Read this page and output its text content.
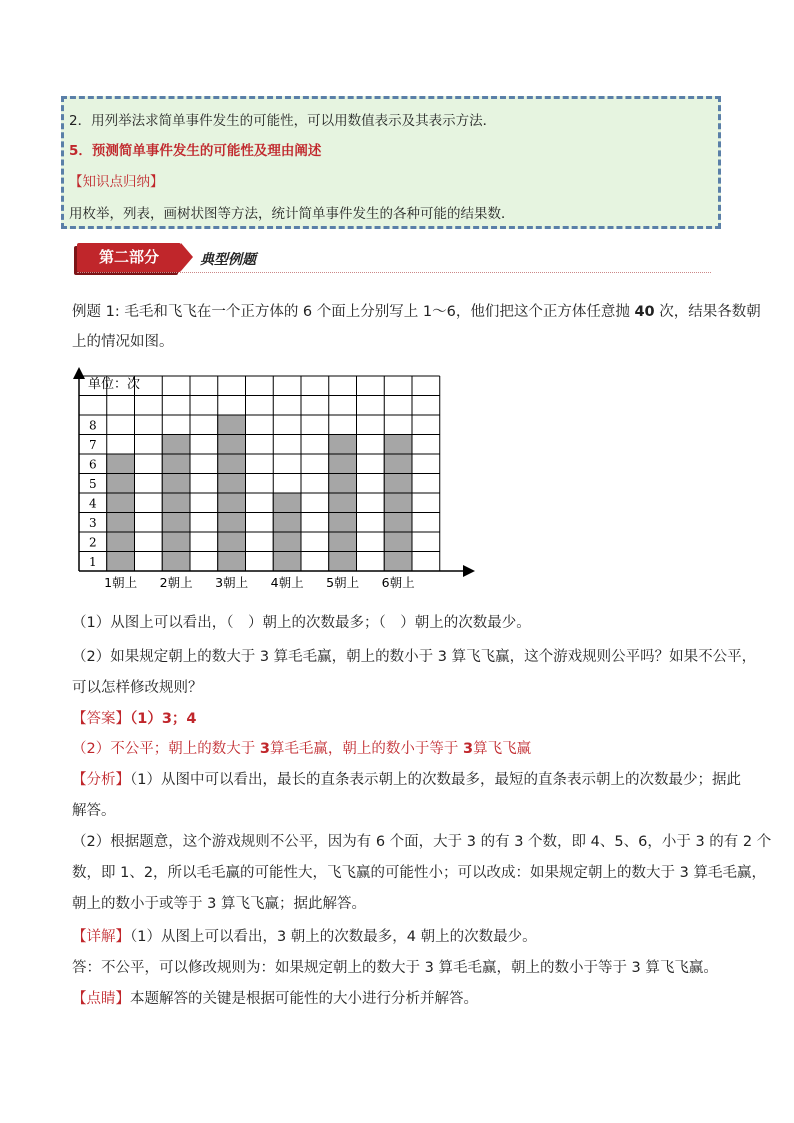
2．用列举法求简单事件发生的可能性，可以用数值表示及其表示方法．
5．预测简单事件发生的可能性及理由阐述
【知识点归纳】
用枚举，列表，画树状图等方法，统计简单事件发生的各种可能的结果数．
第二部分	典型例题
例题 1: 毛毛和飞飞在一个正方体的 6 个面上分别写上 1～6，他们把这个正方体任意抛 40 次，结果各数朝
上的情况如图。
单位：次
1
2
3
4
5
6
7
8
1朝上 2朝上 3朝上 4朝上 5朝上 6朝上
（1）从图上可以看出，（　）朝上的次数最多；（　）朝上的次数最少。
（2）如果规定朝上的数大于 3 算毛毛赢，朝上的数小于 3 算飞飞赢，这个游戏规则公平吗？如果不公平，
可以怎样修改规则？
【答案】（1）3；4
（2）不公平；朝上的数大于 3算毛毛赢，朝上的数小于等于 3算飞飞赢
【分析】（1）从图中可以看出，最长的直条表示朝上的次数最多，最短的直条表示朝上的次数最少；据此
解答。
（2）根据题意，这个游戏规则不公平，因为有 6 个面，大于 3 的有 3 个数，即 4、5、6，小于 3 的有 2 个
数，即 1、2，所以毛毛赢的可能性大，飞飞赢的可能性小；可以改成：如果规定朝上的数大于 3 算毛毛赢，
朝上的数小于或等于 3 算飞飞赢；据此解答。
【详解】（1）从图上可以看出，3 朝上的次数最多，4 朝上的次数最少。
答：不公平，可以修改规则为：如果规定朝上的数大于 3 算毛毛赢，朝上的数小于等于 3 算飞飞赢。
【点睛】本题解答的关键是根据可能性的大小进行分析并解答。
